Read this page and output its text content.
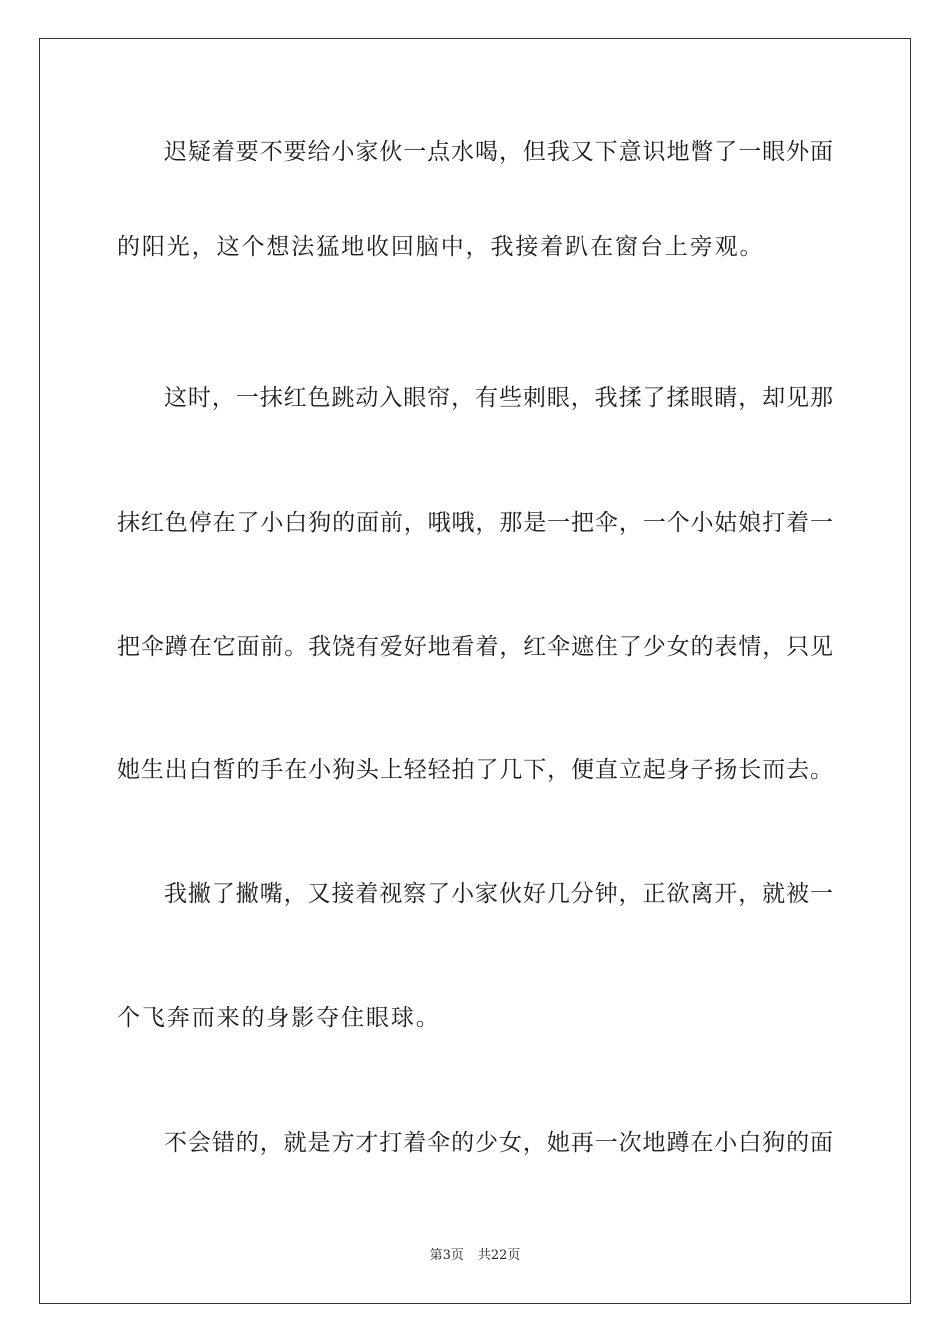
迟疑着要不要给小家伙一点水喝，但我又下意识地瞥了一眼外面
的阳光，这个想法猛地收回脑中，我接着趴在窗台上旁观。
这时，一抹红色跳动入眼帘，有些刺眼，我揉了揉眼睛，却见那
抹红色停在了小白狗的面前，哦哦，那是一把伞，一个小姑娘打着一
把伞蹲在它面前。我饶有爱好地看着，红伞遮住了少女的表情，只见
她生出白皙的手在小狗头上轻轻拍了几下，便直立起身子扬长而去。
我撇了撇嘴，又接着视察了小家伙好几分钟，正欲离开，就被一
个飞奔而来的身影夺住眼球。
不会错的，就是方才打着伞的少女，她再一次地蹲在小白狗的面
第3页 共22页
